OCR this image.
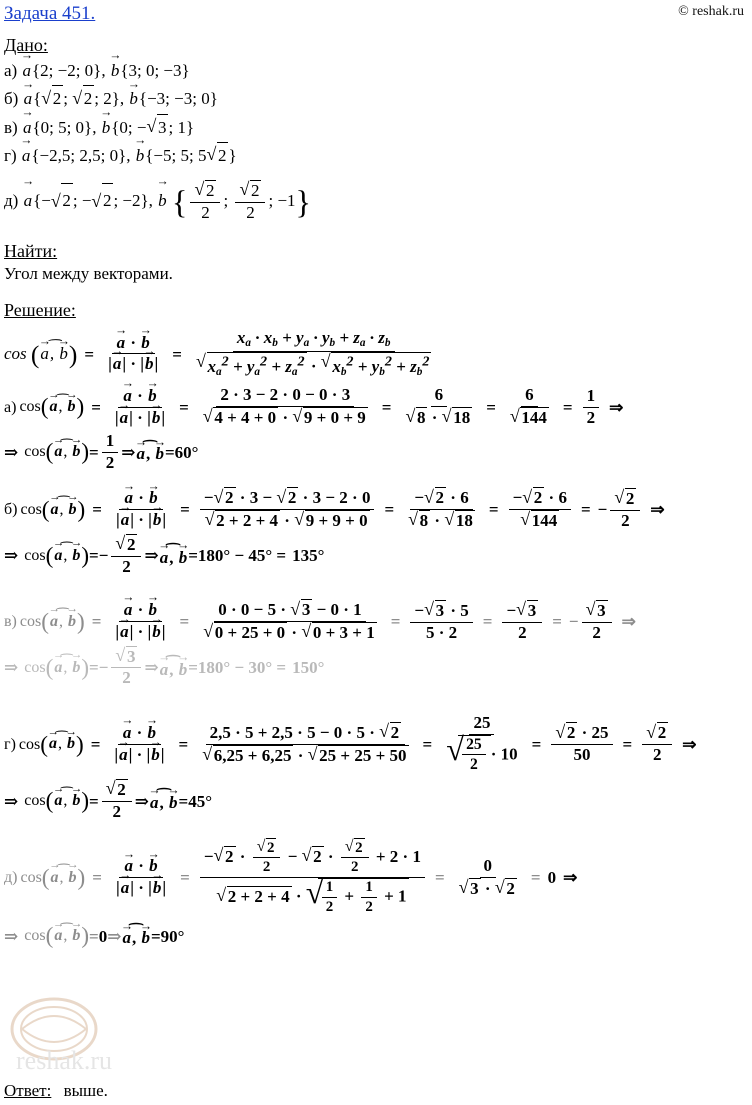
Задача 451.	© reshak.ru
Дано:
а) a →{2; −2; 0}, b →{3; 0; −3}
б) a →{ √ 2 ; √ 2 ; 2}, b →{−3; −3; 0}
в) a →{0; 5; 0}, b →{0; − √ 3 ; 1}
г) a →{−2,5; 2,5; 0}, b →{−5; 5; 5 √ 2 }
д) a →{− √ 2 ; − √ 2 ; −2}, b → { √ $\frac{2}{2}$ ; √ $\frac{2}{2}$ ; −1}
Найти:
Угол между векторами.
Решение:
cos (⌢ a →, b →) = $\frac{a \to \cdot b \to}{|a \to| \cdot |b \to|} = x_a \cdot x_b + y_a \cdot y_b + z_a \cdot z_b$
√ $x_a^2 + y_a^2 + z_a^2$ · √ $x_b^2 + y_b^2 + z_b^2$
а) cos(⌢ a →, b →) = $\frac{a \to \cdot b \to}{|a \to| \cdot |b \to|} = 2 \cdot 3 - 2 \cdot 0 - 0 \cdot 3$
√ 4 + 4 + 0 · √ 9 + 0 + 9 = 6
√ 8 · √ 18 = 6
√ $144 = \frac{1}{2}$ ⇒
⇒ cos(⌢ a →, b →) = $\frac{1}{2}$ ⇒ ⌢ a →, b → = 60°
б) cos(⌢ a →, b →) = $\frac{a \to \cdot b \to}{|a \to| \cdot |b \to|}$ = − √ 2 · 3 − √ 2 · 3 − 2 · 0
√ 2 + 2 + 4 · √ 9 + 9 + 0 = − √ 2 · 6
√ 8 · √ 18 = − √ 2 · 6
√ 144 = − √ $\frac{2}{2}$ ⇒
⇒ cos(⌢ a →, b →) = − √ $\frac{2}{2}$ ⇒ ⌢ a →, b → = 180° − 45° = 135°
в) cos(⌢ a →, b →) = $\frac{a \to \cdot b \to}{|a \to| \cdot |b \to|} = 0 \cdot 0 - 5$ · √ 3 − 0 · 1
√ 0 + 25 + 0 · √ $0 + 3 + 1 = \frac{- √ 3 \cdot 5}{5 \cdot 2} = \frac{- √ 3}{2}$ = − √ $\frac{3}{2}$ ⇒
⇒ cos(⌢ a →, b →) = − √ $\frac{3}{2}$ ⇒ ⌢ a →, b → = 180° − 30° = 150°
г) cos(⌢ a →, b →) = $\frac{a \to \cdot b \to}{|a \to| \cdot |b \to|} = 2,5 \cdot 5 + 2,5 \cdot 5 - 0 \cdot 5$ · √ 2
√ 6,25 + 6,25 · √ 25 + 25 + 50 = 25
√ $\frac{25}{2} \cdot 10$ = √ $\frac{2 \cdot 25}{50}$ = √ $\frac{2}{2}$ ⇒
⇒ cos(⌢ a →, b →) = √ $\frac{2}{2}$ ⇒ ⌢ a →, b → = 45°
д) cos(⌢ a →, b →) = $\frac{a \to \cdot b \to}{|a \to| \cdot |b \to|}$ = − √ 2 · √ $\frac{2}{2}$ − √ 2 · √ $\frac{2}{2} + 2 \cdot 1$
√ 2 + 2 + 4 · √ $\frac{1}{2} + \frac{1}{2} + 1 = 0$
√ 3 · √ 2 = 0 ⇒
⇒ cos(⌢ a →, b →) = 0 ⇒ ⌢ a →, b → = 90°
Ответ: выше.
reshak.ru
